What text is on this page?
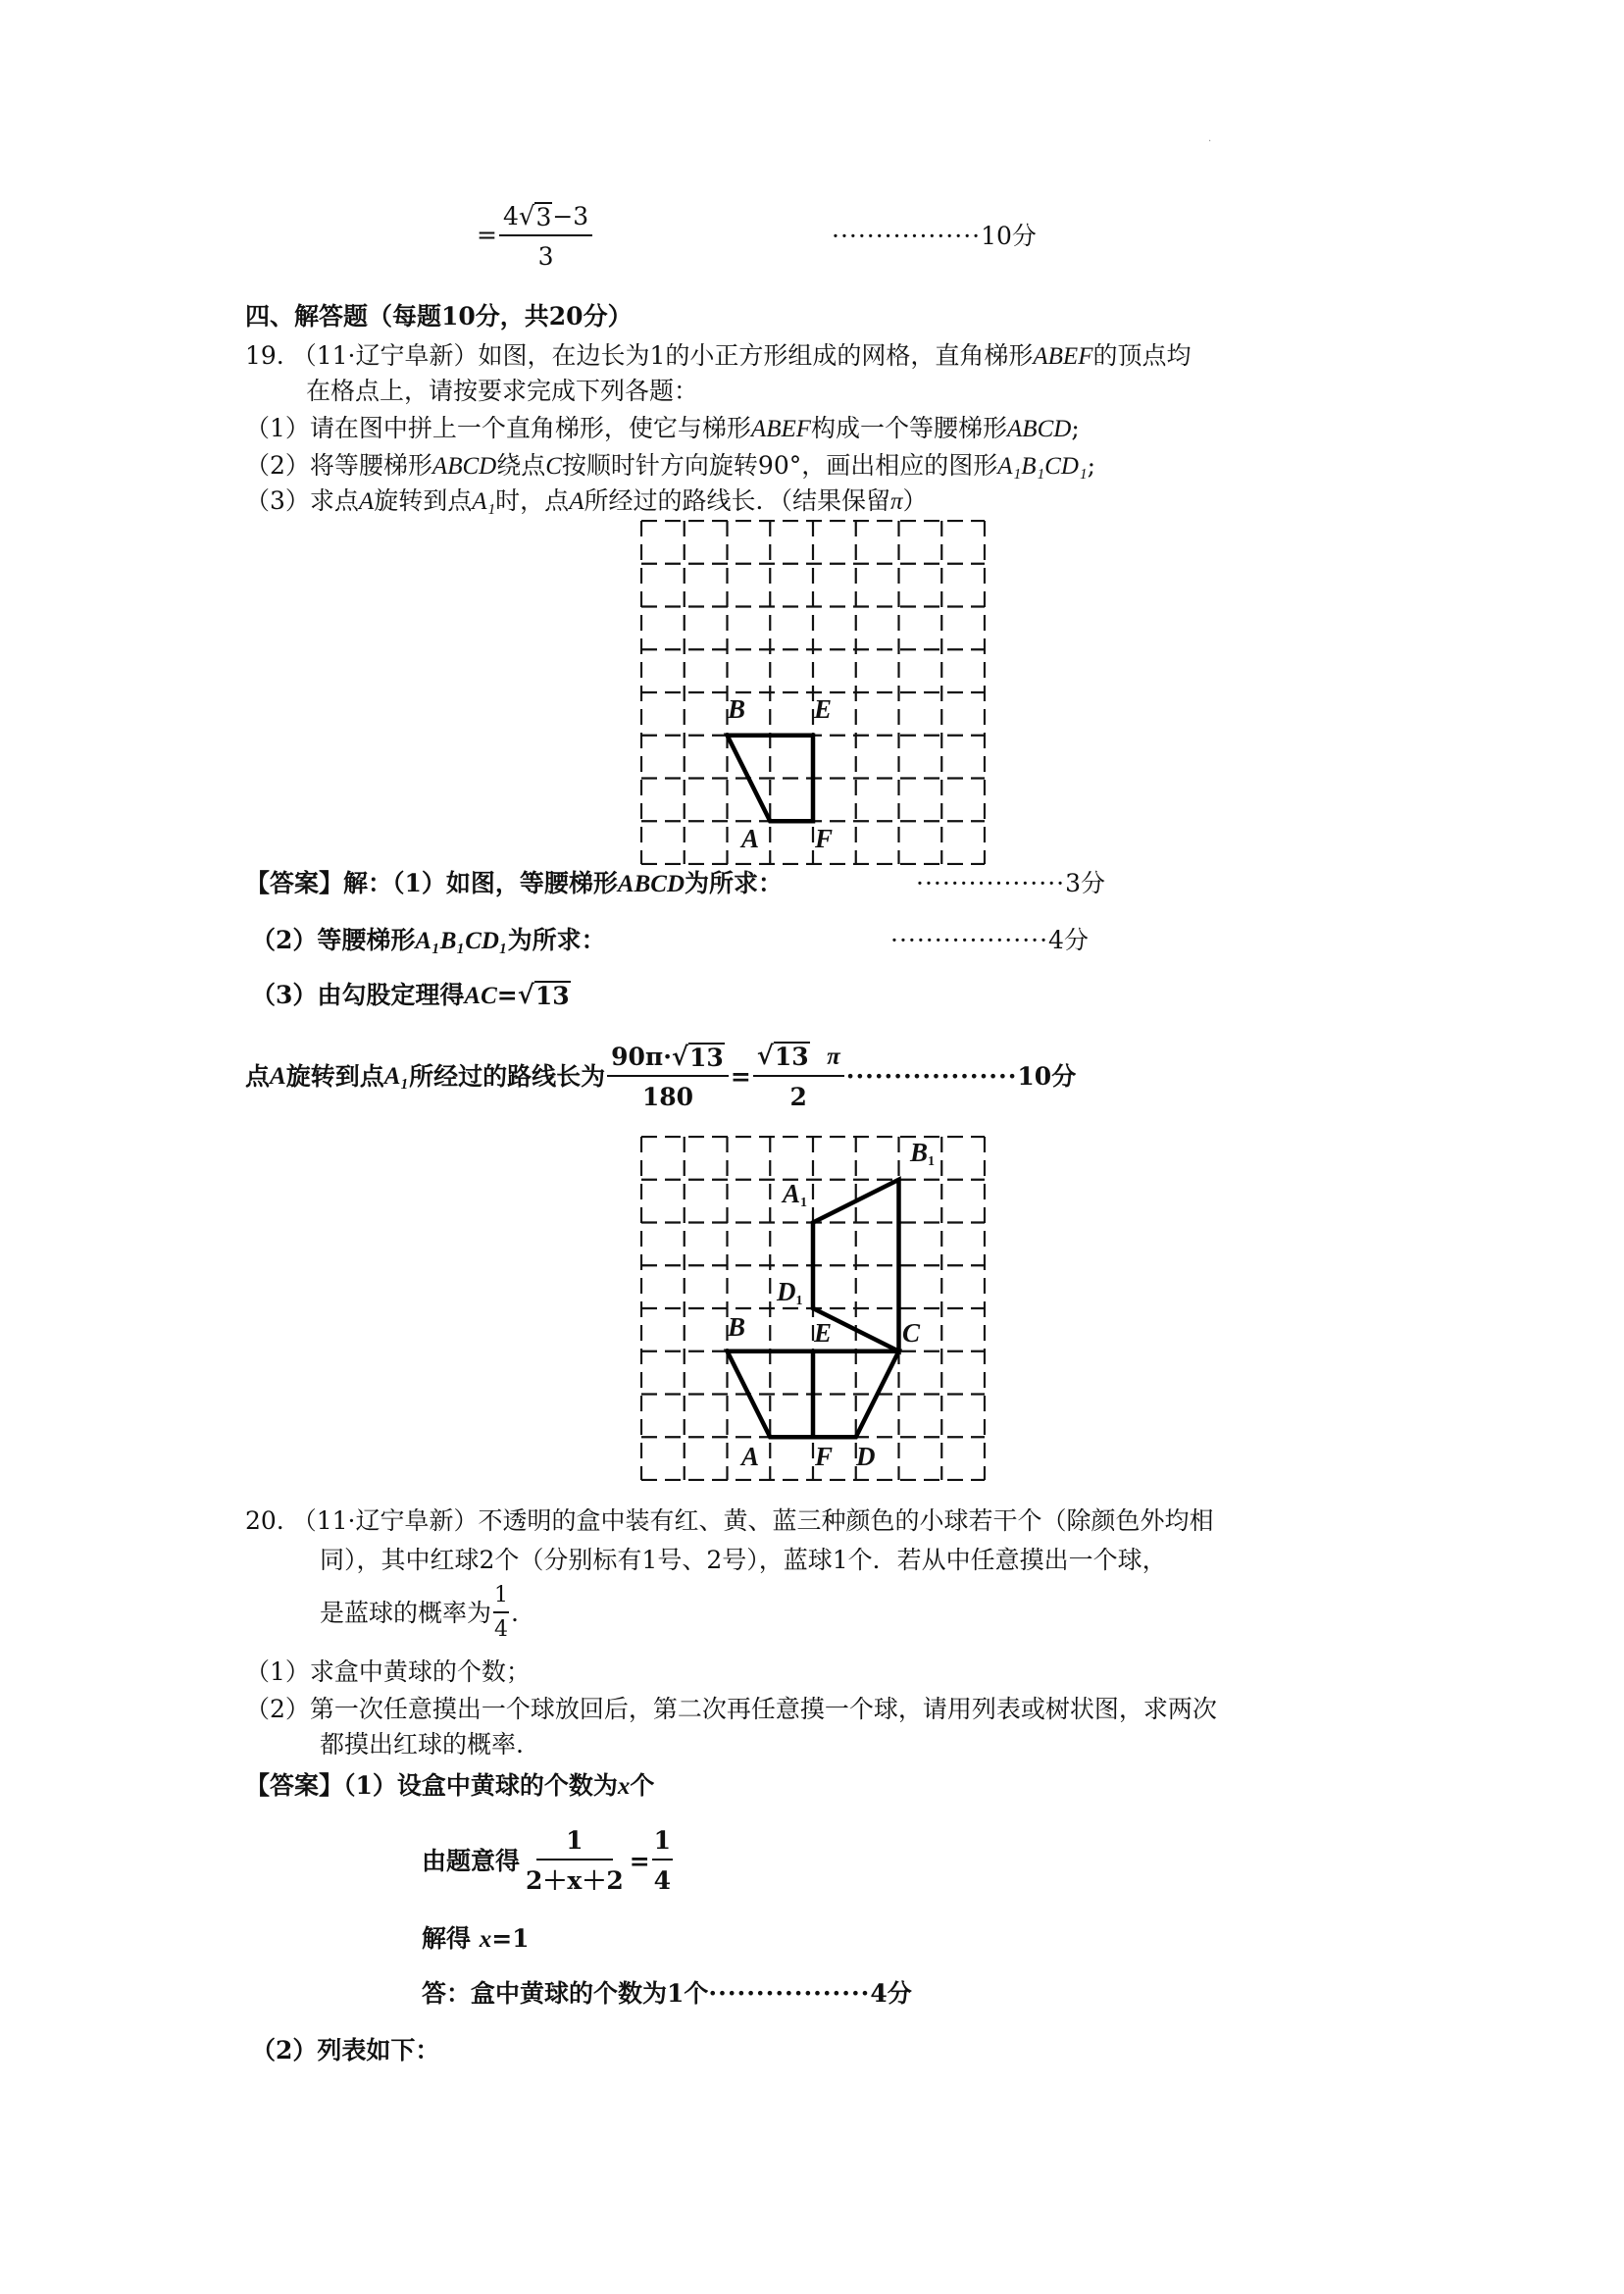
.
= $\frac{4 √ 3 -3}{3}$	·················10分
四、解答题（每题10分，共20分）
19. （11·辽宁阜新）如图，在边长为1的小正方形组成的网格，直角梯形ABEF的顶点均
在格点上，请按要求完成下列各题：
（1）请在图中拼上一个直角梯形，使它与梯形ABEF构成一个等腰梯形ABCD;
（2）将等腰梯形ABCD绕点C按顺时针方向旋转90°，画出相应的图形A₁B₁CD₁;
（3）求点A旋转到点A₁时，点A所经过的路线长．（结果保留π）
B	E
A F
【答案】解：（1）如图，等腰梯形ABCD为所求：	·················3分
（2）等腰梯形A₁B₁CD₁为所求：	··················4分
（3）由勾股定理得AC= √ 13
点 A 旋转到点 A₁ 所经过的路线长为 $\frac{90\pi\cdot √ 13}{180} = \frac{√ 13 \pi}{2}$ ·················· 10分
$B_1$
$A_1$
$D_1$
B	E	C
A F D
20. （11·辽宁阜新）不透明的盒中装有红、黄、蓝三种颜色的小球若干个（除颜色外均相
同），其中红球2个（分别标有1号、2号），蓝球1个．若从中任意摸出一个球，
是蓝球的概率为 $\frac{1}{4}$ .
（1）求盒中黄球的个数；
（2）第一次任意摸出一个球放回后，第二次再任意摸一个球，请用列表或树状图，求两次
都摸出红球的概率.
【答案】（1）设盒中黄球的个数为x个
由题意得 $\frac{1}{2+x+2} = \frac{1}{4}$
解得 x=1
答：盒中黄球的个数为1个·················4分
（2）列表如下：
